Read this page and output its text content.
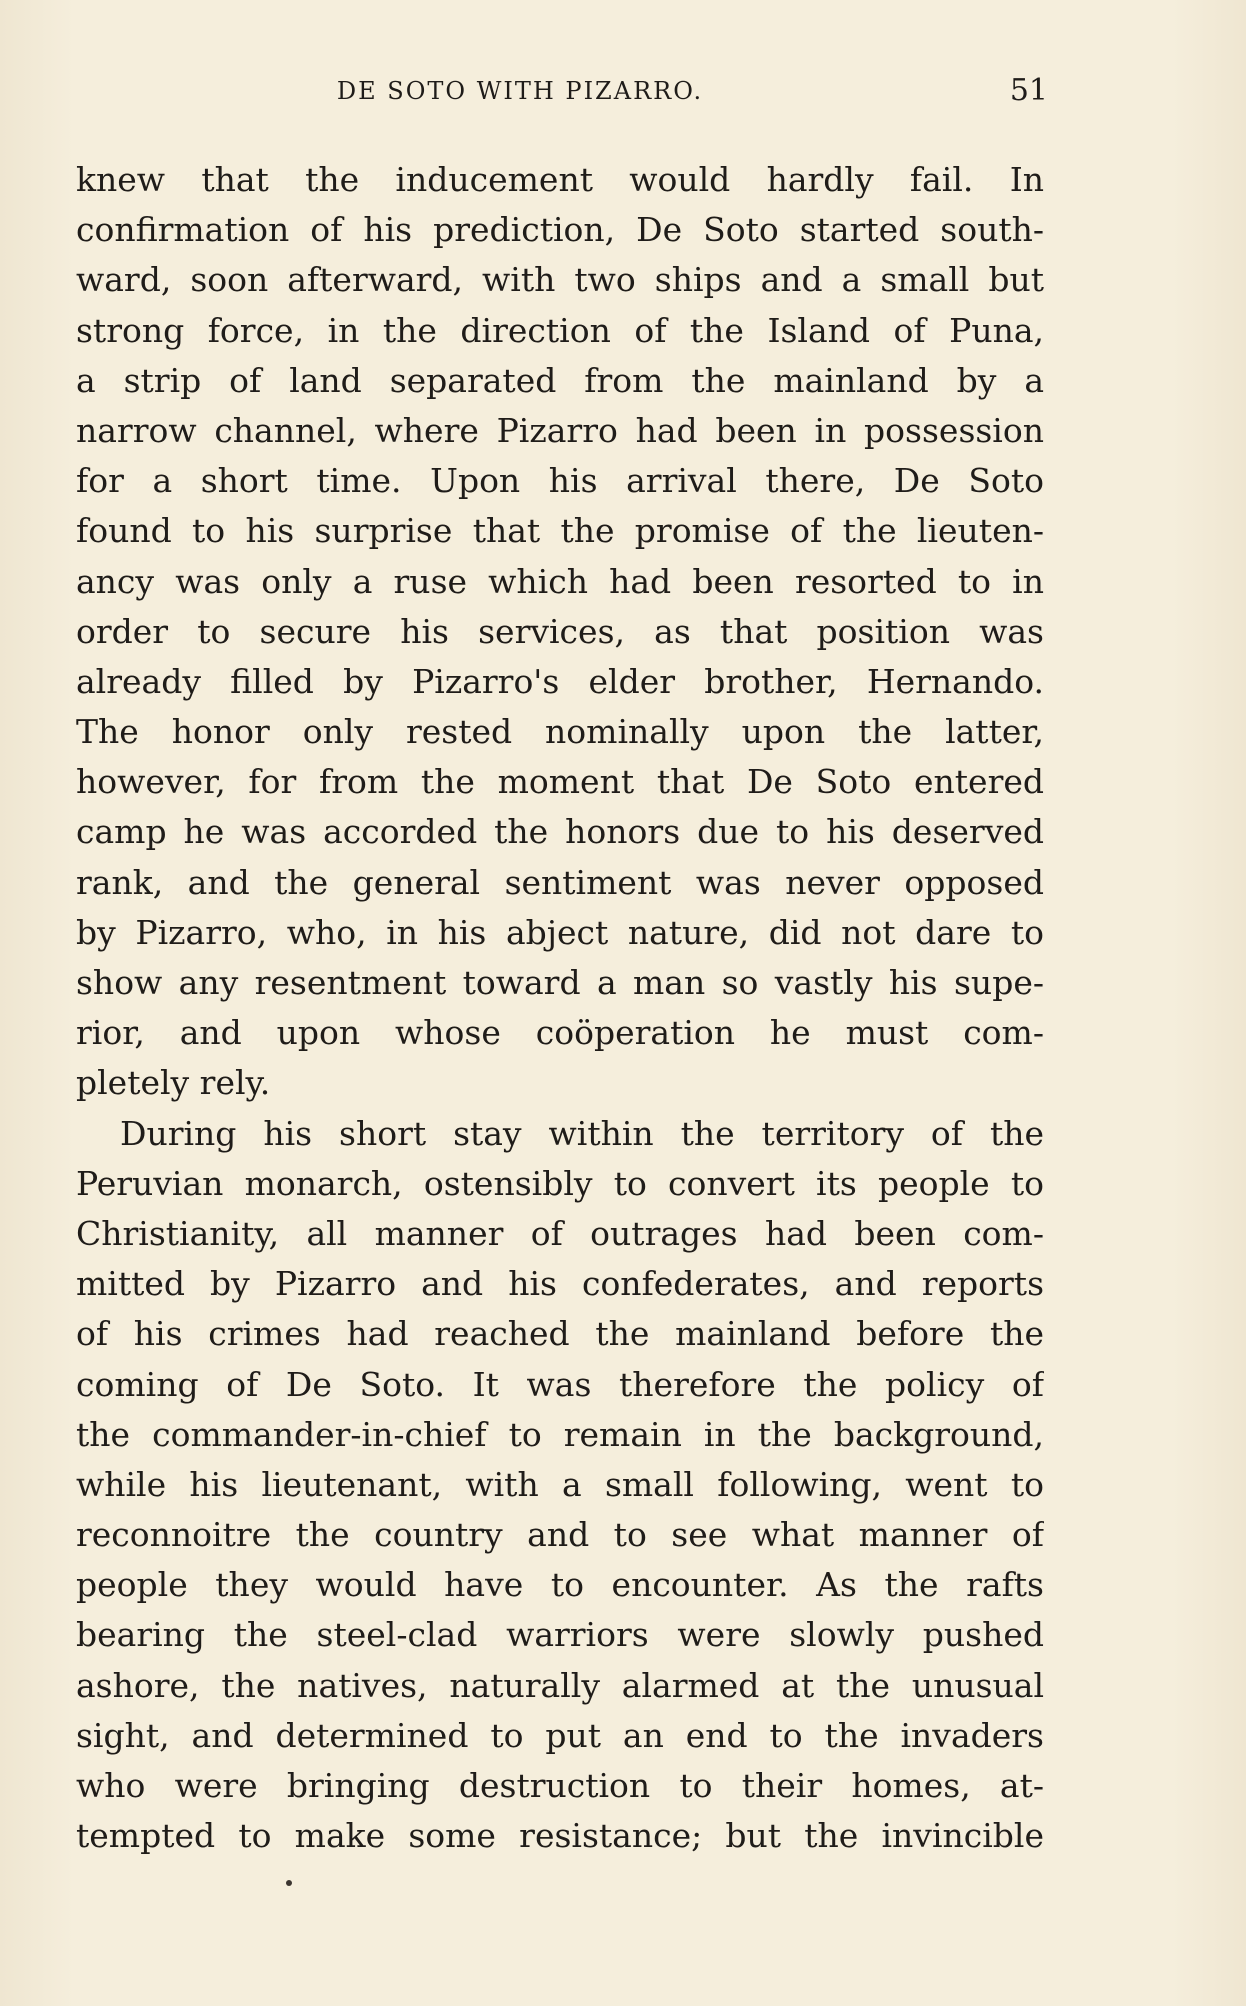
DE SOTO WITH PIZARRO.	51
knew that the inducement would hardly fail. In
confirmation of his prediction, De Soto started south-
ward, soon afterward, with two ships and a small but
strong force, in the direction of the Island of Puna,
a strip of land separated from the mainland by a
narrow channel, where Pizarro had been in possession
for a short time. Upon his arrival there, De Soto
found to his surprise that the promise of the lieuten-
ancy was only a ruse which had been resorted to in
order to secure his services, as that position was
already filled by Pizarro's elder brother, Hernando.
The honor only rested nominally upon the latter,
however, for from the moment that De Soto entered
camp he was accorded the honors due to his deserved
rank, and the general sentiment was never opposed
by Pizarro, who, in his abject nature, did not dare to
show any resentment toward a man so vastly his supe-
rior, and upon whose coöperation he must com-
pletely rely.
During his short stay within the territory of the
Peruvian monarch, ostensibly to convert its people to
Christianity, all manner of outrages had been com-
mitted by Pizarro and his confederates, and reports
of his crimes had reached the mainland before the
coming of De Soto. It was therefore the policy of
the commander-in-chief to remain in the background,
while his lieutenant, with a small following, went to
reconnoitre the country and to see what manner of
people they would have to encounter. As the rafts
bearing the steel-clad warriors were slowly pushed
ashore, the natives, naturally alarmed at the unusual
sight, and determined to put an end to the invaders
who were bringing destruction to their homes, at-
tempted to make some resistance; but the invincible
